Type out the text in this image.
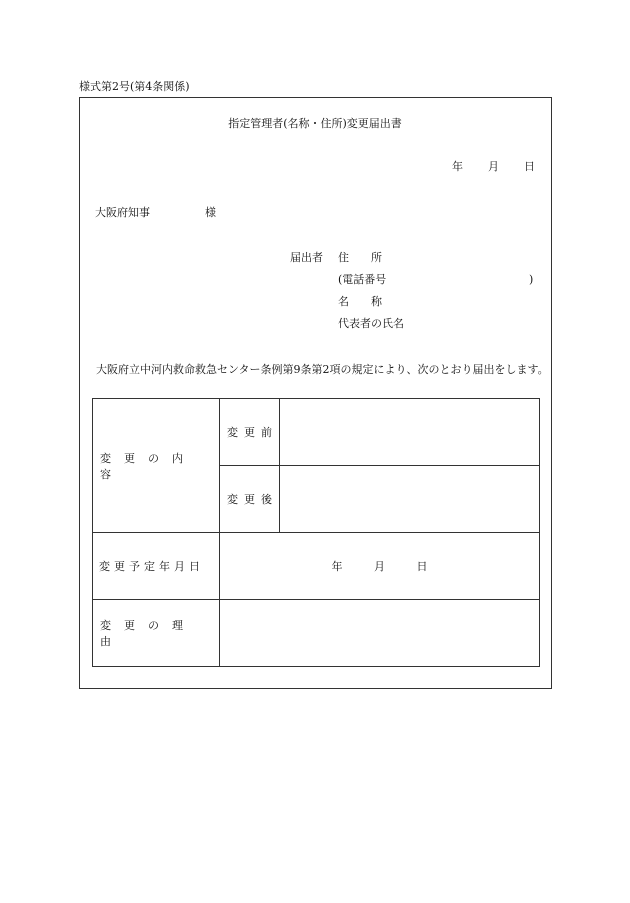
様式第2号(第4条関係)
指定管理者(名称・住所)変更届出書
年　　月　　日
大阪府知事　　　　　様
届出者 住　　所
(電話番号	)
名　　称
代表者の氏名
大阪府立中河内救命救急センター条例第9条第2項の規定により、次のとおり届出をします。
変更の内容	変更前	
	変更後	
変更予定年月日	年 月 日	
変更の理由		
